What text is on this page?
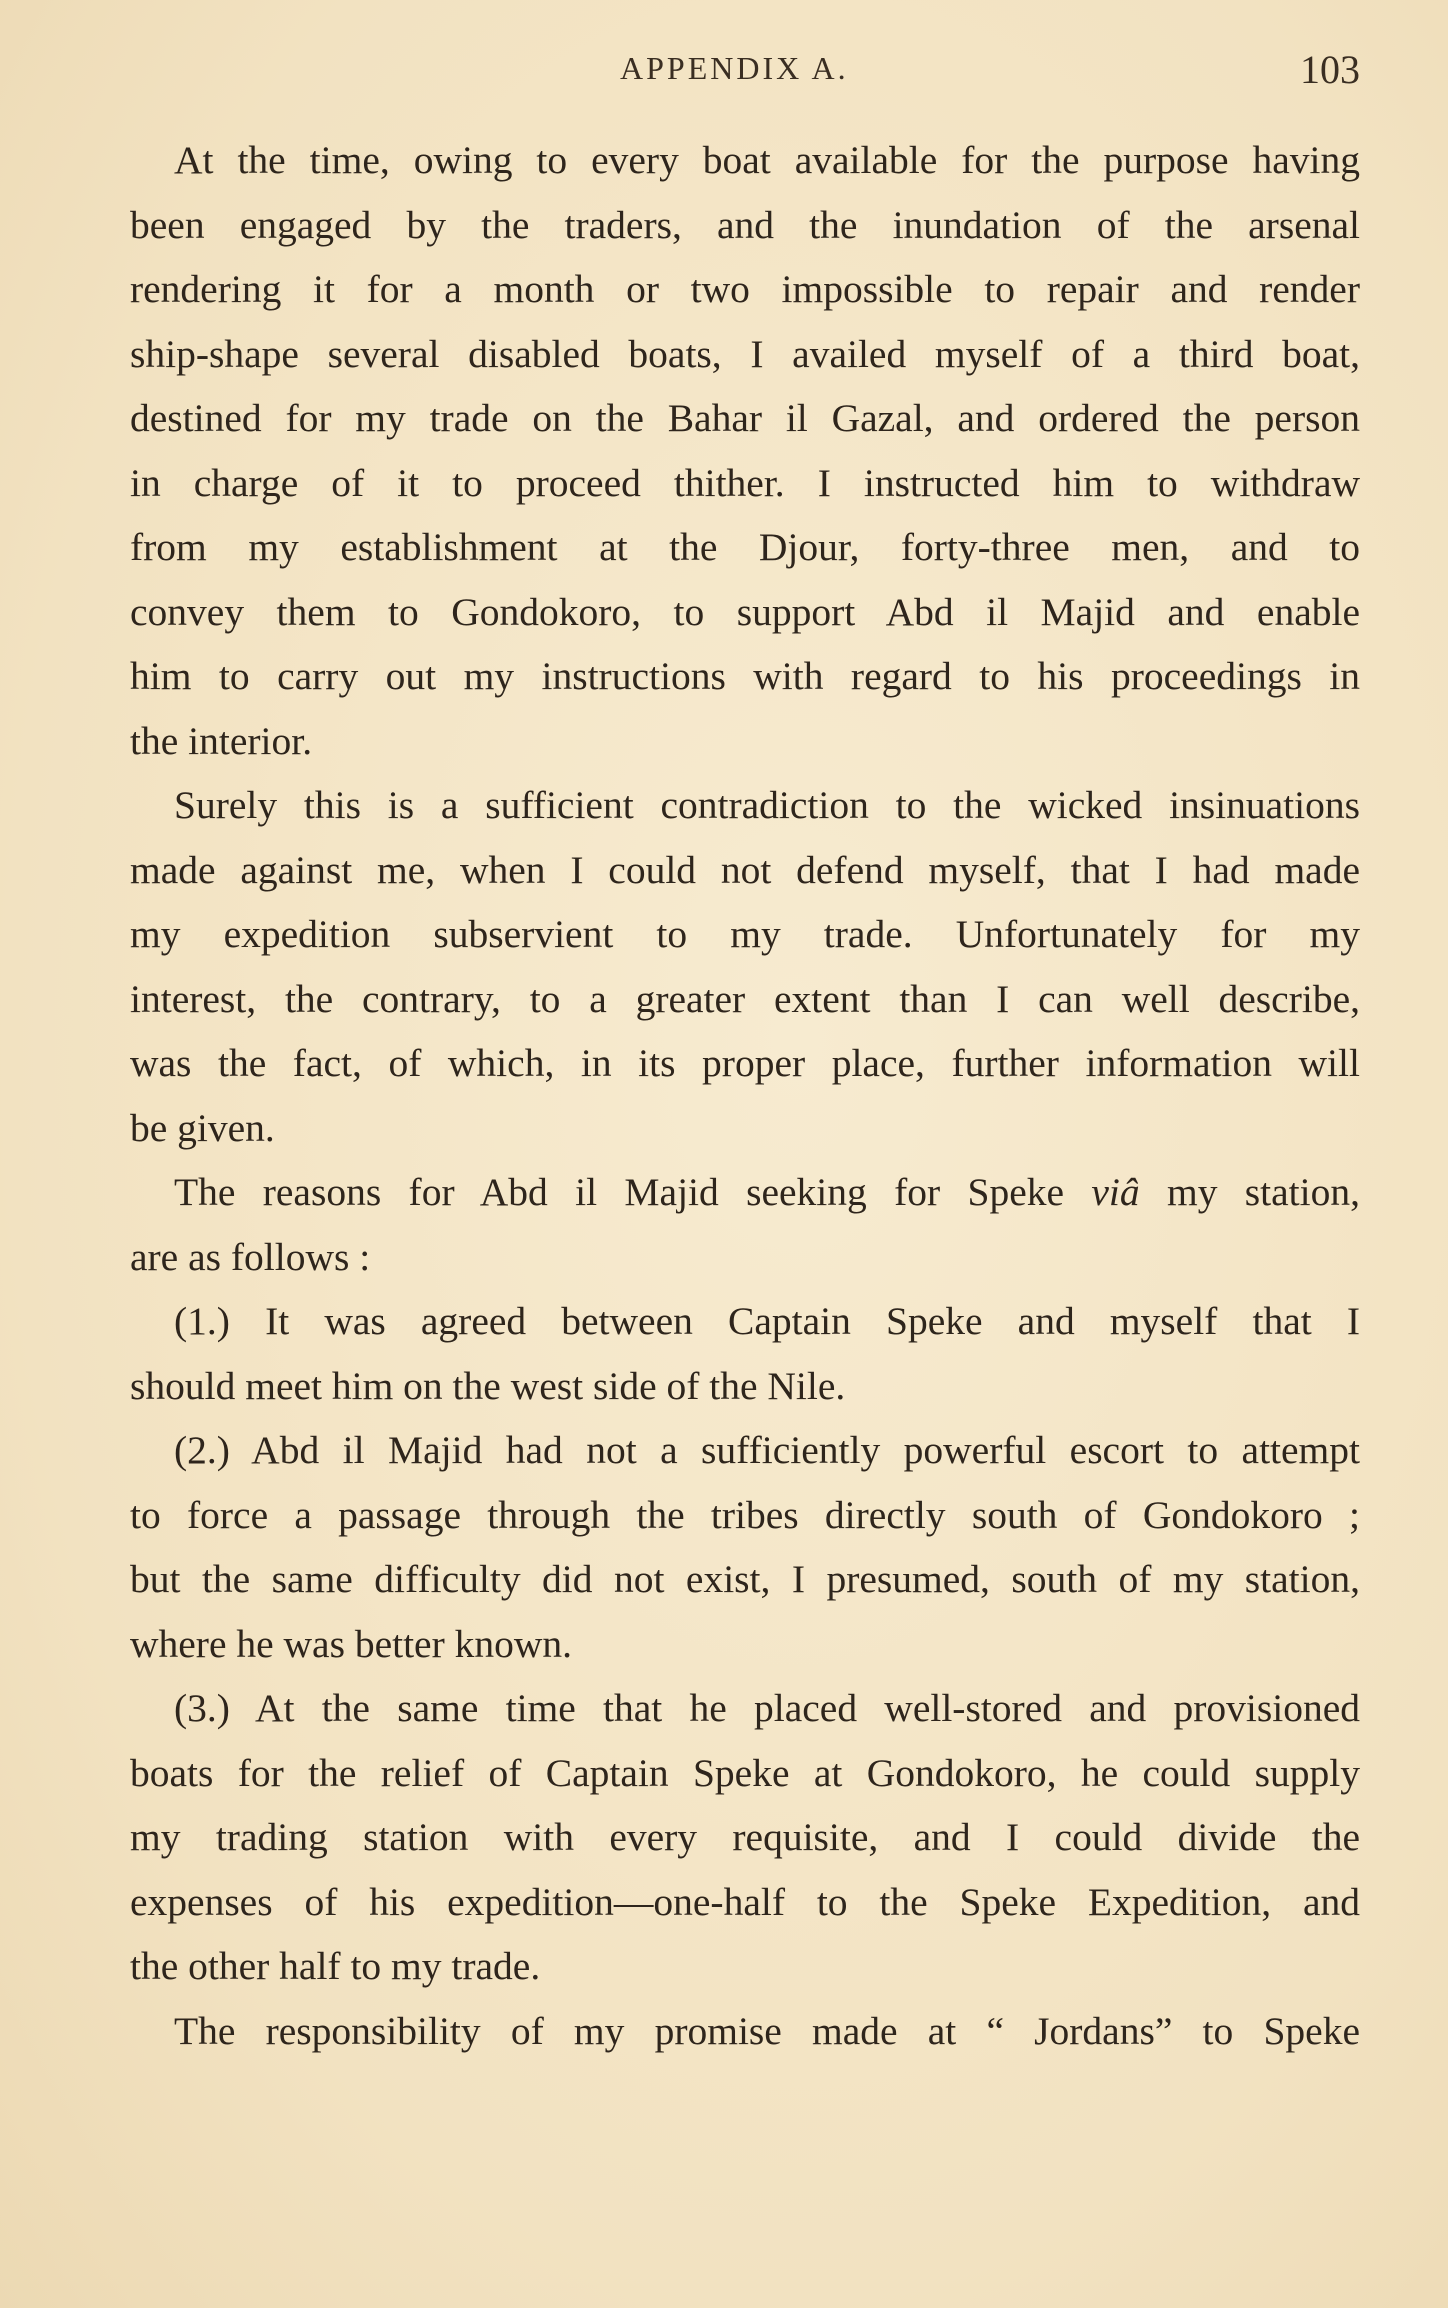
APPENDIX A.	103

At the time, owing to every boat available for the purpose having
been engaged by the traders, and the inundation of the arsenal
rendering it for a month or two impossible to repair and render
ship-shape several disabled boats, I availed myself of a third boat,
destined for my trade on the Bahar il Gazal, and ordered the person
in charge of it to proceed thither. I instructed him to withdraw
from my establishment at the Djour, forty-three men, and to
convey them to Gondokoro, to support Abd il Majid and enable
him to carry out my instructions with regard to his proceedings in
the interior.

Surely this is a sufficient contradiction to the wicked insinuations
made against me, when I could not defend myself, that I had made
my expedition subservient to my trade. Unfortunately for my
interest, the contrary, to a greater extent than I can well describe,
was the fact, of which, in its proper place, further information will
be given.

The reasons for Abd il Majid seeking for Speke viâ my station,
are as follows :

(1.) It was agreed between Captain Speke and myself that I
should meet him on the west side of the Nile.

(2.) Abd il Majid had not a sufficiently powerful escort to attempt
to force a passage through the tribes directly south of Gondokoro ;
but the same difficulty did not exist, I presumed, south of my station,
where he was better known.

(3.) At the same time that he placed well-stored and provisioned
boats for the relief of Captain Speke at Gondokoro, he could supply
my trading station with every requisite, and I could divide the
expenses of his expedition—one-half to the Speke Expedition, and
the other half to my trade.

The responsibility of my promise made at “ Jordans” to Speke
